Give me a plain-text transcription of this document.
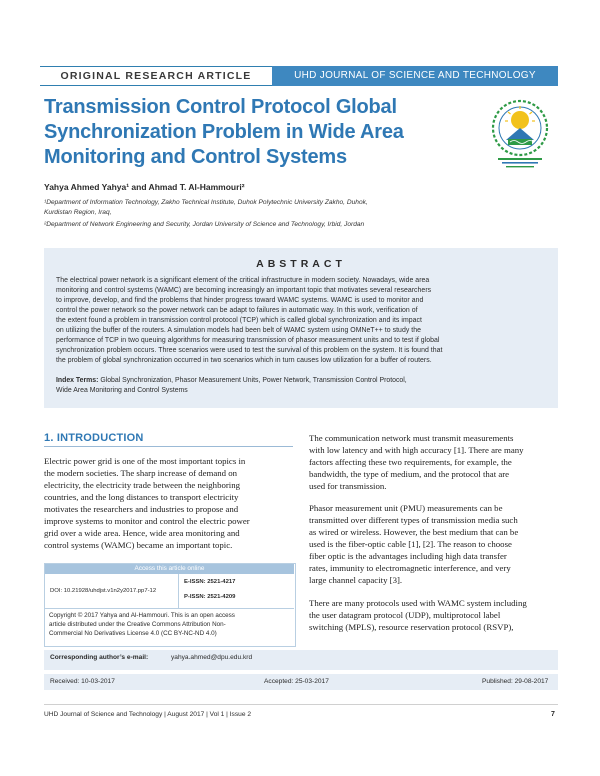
ORIGINAL RESEARCH ARTICLE	UHD JOURNAL OF SCIENCE AND TECHNOLOGY
Transmission Control Protocol Global
Synchronization Problem in Wide Area
Monitoring and Control Systems
Yahya Ahmed Yahya¹ and Ahmad T. Al-Hammouri²
¹Department of Information Technology, Zakho Technical Institute, Duhok Polytechnic University Zakho, Duhok,
Kurdistan Region, Iraq,
²Department of Network Engineering and Security, Jordan University of Science and Technology, Irbid, Jordan
ABSTRACT
The electrical power network is a significant element of the critical infrastructure in modern society. Nowadays, wide area
monitoring and control systems (WAMC) are becoming increasingly an important topic that motivates several researchers
to improve, develop, and find the problems that hinder progress toward WAMC systems. WAMC is used to monitor and
control the power network so the power network can be adapt to failures in automatic way. In this work, verification of
the extent found a problem in transmission control protocol (TCP) which is called global synchronization and its impact
on utilizing the buffer of the routers. A simulation models had been belt of WAMC system using OMNeT++ to study the
performance of TCP in two queuing algorithms for measuring transmission of phasor measurement units and to test if global
synchronization problem occurs. Three scenarios were used to test the survival of this problem on the system. It is found that
the problem of global synchronization occurred in two scenarios which in turn causes low utilization for a buffer of routers.
Index Terms: Global Synchronization, Phasor Measurement Units, Power Network, Transmission Control Protocol,
Wide Area Monitoring and Control Systems
1. INTRODUCTION
Electric power grid is one of the most important topics in
the modern societies. The sharp increase of demand on
electricity, the electricity trade between the neighboring
countries, and the long distances to transport electricity
motivates the researchers and industries to propose and
improve systems to monitor and control the electric power
grid over a wide area. Hence, wide area monitoring and
control systems (WAMC) became an important topic.
Access this article online
DOI: 10.21928/uhdjst.v1n2y2017.pp7-12
E-ISSN: 2521-4217
P-ISSN: 2521-4209
Copyright © 2017 Yahya and Al-Hammouri. This is an open access
article distributed under the Creative Commons Attribution Non-
Commercial No Derivatives License 4.0 (CC BY-NC-ND 4.0)
The communication network must transmit measurements
with low latency and with high accuracy [1]. There are many
factors affecting these two requirements, for example, the
bandwidth, the type of medium, and the protocol that are
used for transmission.
Phasor measurement unit (PMU) measurements can be
transmitted over different types of transmission media such
as wired or wireless. However, the best medium that can be
used is the fiber-optic cable [1], [2]. The reason to choose
fiber optic is the advantages including high data transfer
rates, immunity to electromagnetic interference, and very
large channel capacity [3].
There are many protocols used with WAMC system including
the user datagram protocol (UDP), multiprotocol label
switching (MPLS), resource reservation protocol (RSVP),
Corresponding author’s e-mail:	yahya.ahmed@dpu.edu.krd
Received: 10-03-2017	Accepted: 25-03-2017	Published: 29-08-2017
UHD Journal of Science and Technology | August 2017 | Vol 1 | Issue 2	7
